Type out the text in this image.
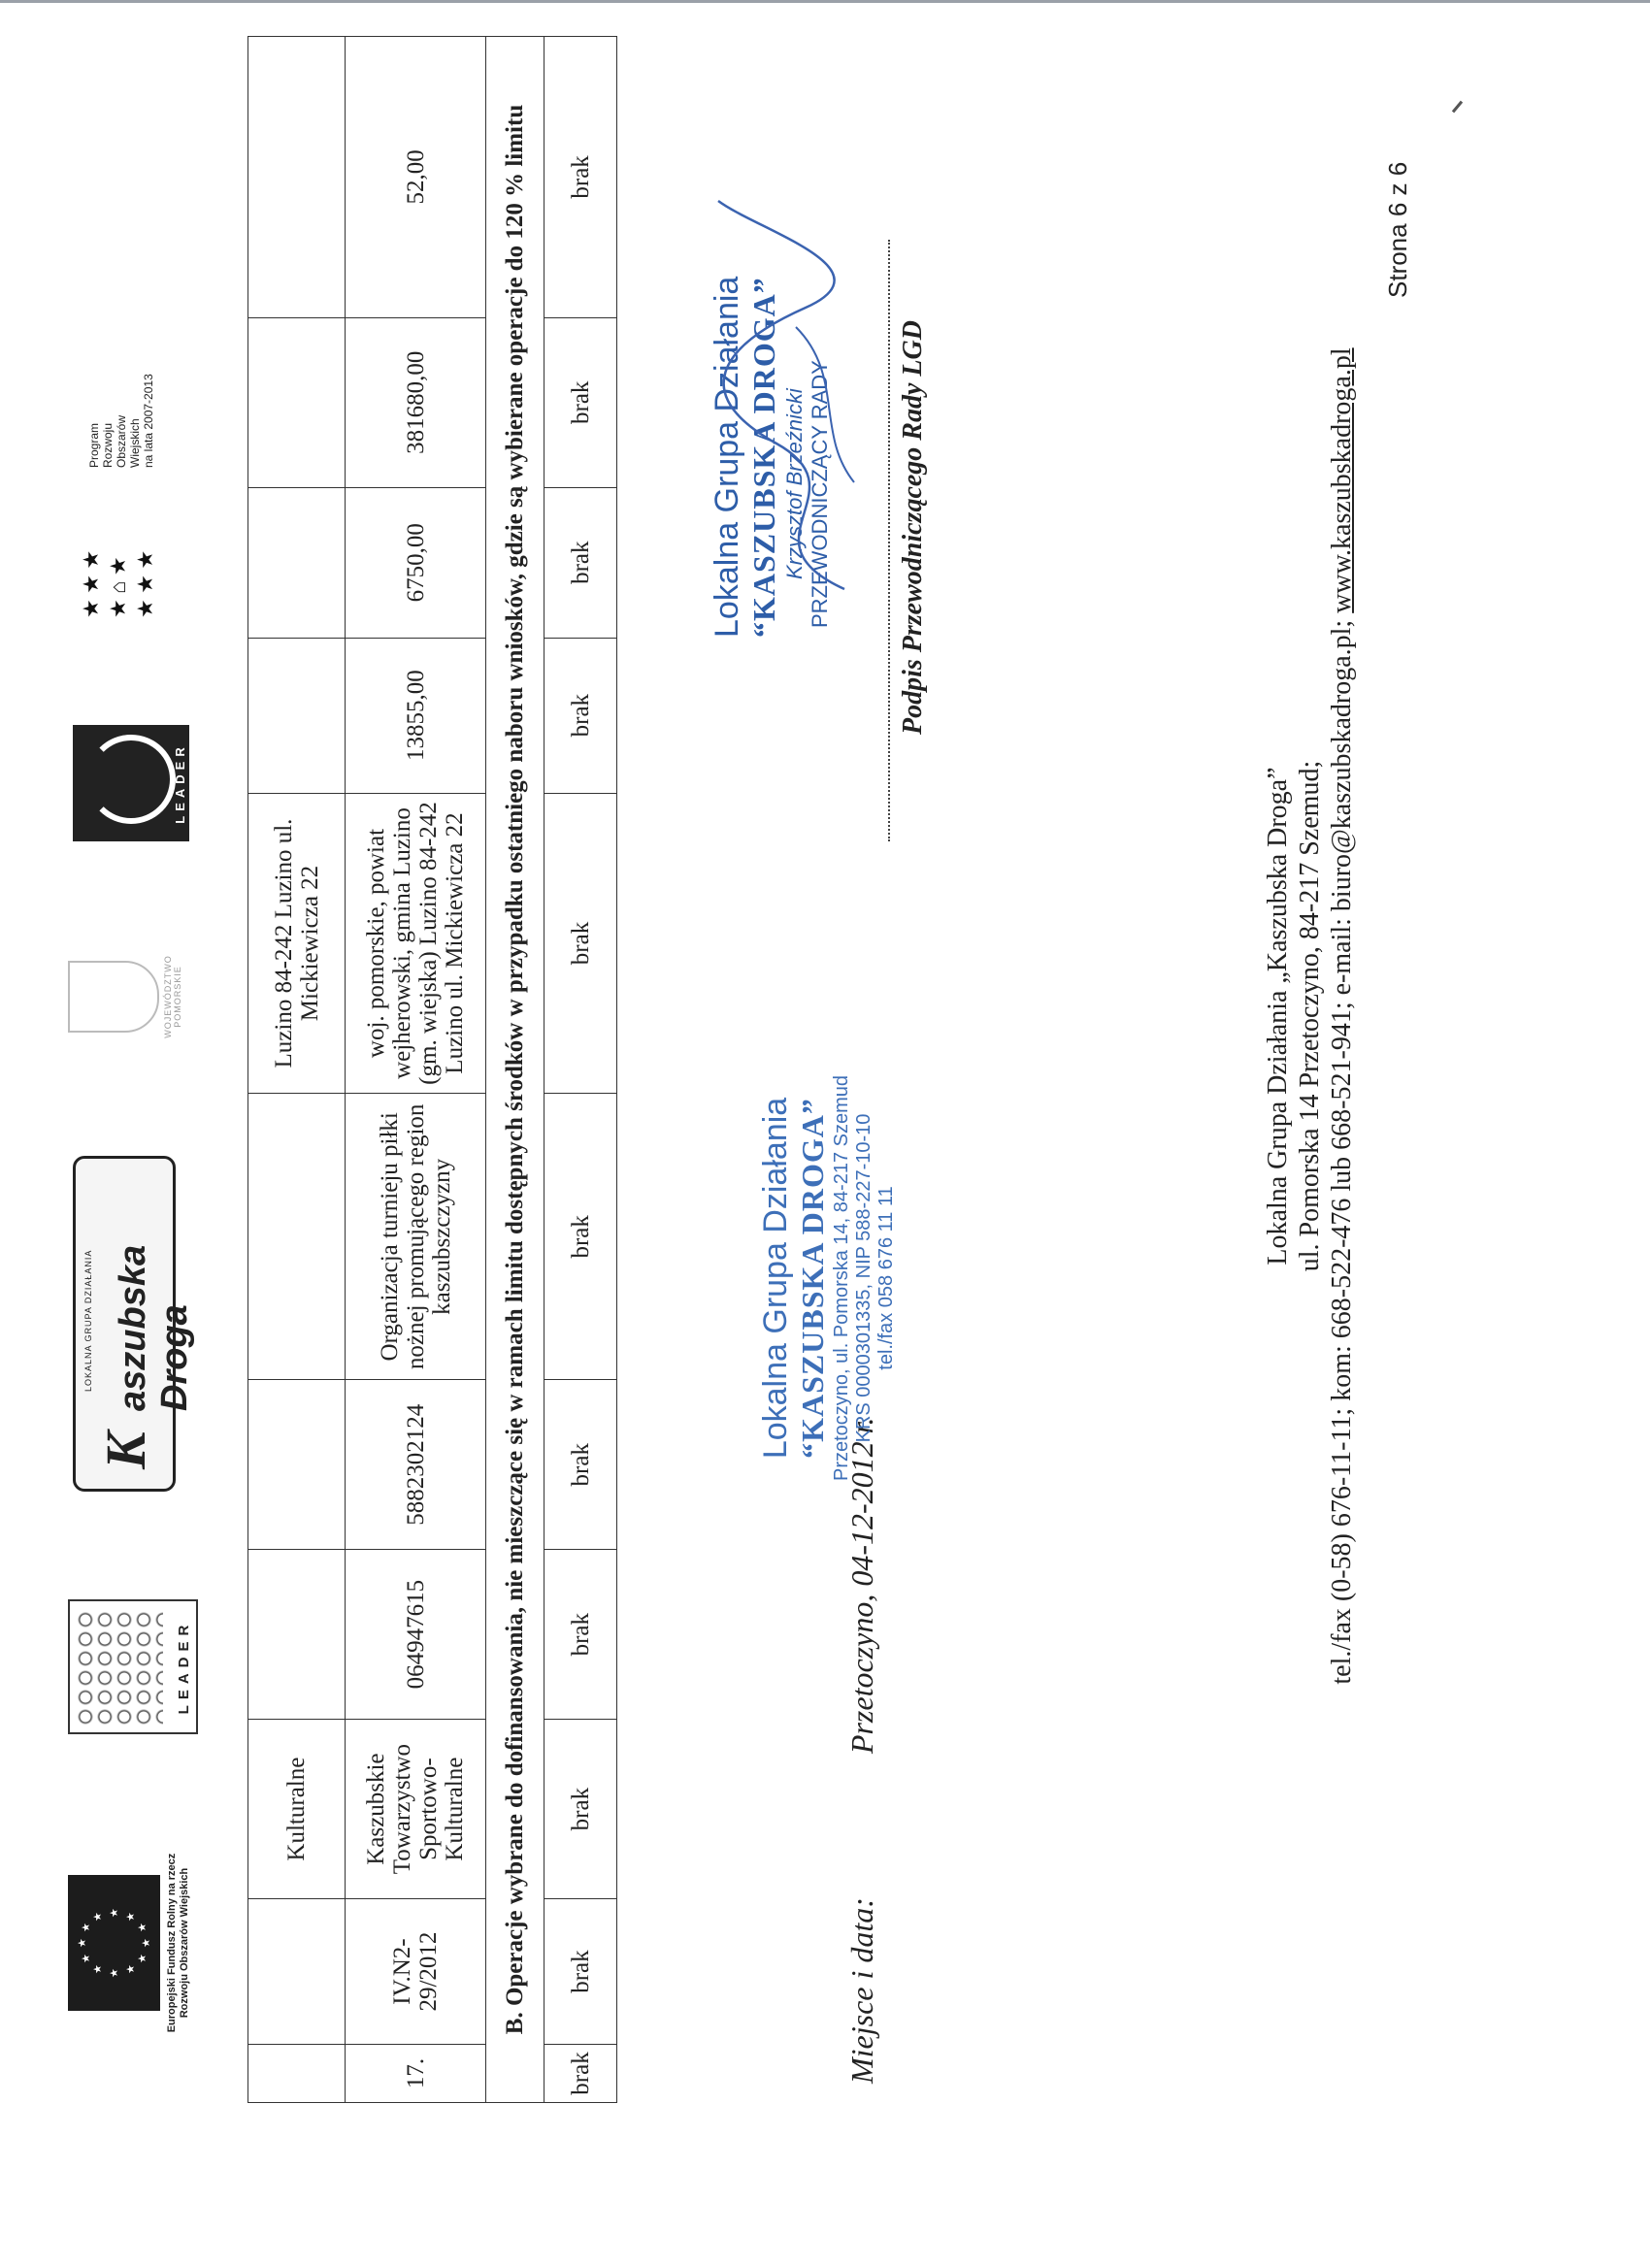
★
★
★ ★ ★
★
★
★
★
★
★
★	Europejski Fundusz Rolny na rzecz Rozwoju Obszarów Wiejskich
LEADER
LOKALNA GRUPA DZIAŁANIA
K
aszubska Droga
WOJEWÓDZTWO POMORSKIE
LEADER
★ ★ ★ ★ ⌂ ★ ★ ★ ★
Program
Rozwoju
Obszarów
Wiejskich
na lata 2007-2013
		Kulturalne				Luzino 84-242 Luzino ul. Mickiewicza 22				
17.	IV.N2-29/2012	Kaszubskie Towarzystwo Sportowo-Kulturalne	064947615	5882302124	Organizacja turnieju piłki nożnej promującego region kaszubszczyzny	woj. pomorskie, powiat wejherowski, gmina Luzino (gm. wiejska) Luzino 84-242 Luzino ul. Mickiewicza 22	13855,00	6750,00	381680,00	52,00
B. Operacje wybrane do dofinansowania, nie mieszczące się w ramach limitu dostępnych środków w przypadku ostatniego naboru wniosków, gdzie są wybierane operacje do 120 % limitu										
brak	brak	brak	brak	brak	brak	brak	brak	brak	brak	brak
Miejsce i data: Przetoczyno, 04-12-2012 r.
Lokalna Grupa Działania “KASZUBSKA DROGA” Przetoczyno, ul. Pomorska 14, 84-217 Szemud KRS 0000301335, NIP 588-227-10-10 tel./fax 058 676 11 11
Lokalna Grupa Działania “KASZUBSKA DROGA” Krzysztof Brzeźnicki PRZEWODNICZĄCY RADY Podpis Przewodniczącego Rady LGD
Lokalna Grupa Działania „Kaszubska Droga” ul. Pomorska 14 Przetoczyno, 84-217 Szemud; tel./fax (0-58) 676-11-11; kom: 668-522-476 lub 668-521-941; e-mail: biuro@kaszubskadroga.pl; www.kaszubskadroga.pl
Strona 6 z 6
